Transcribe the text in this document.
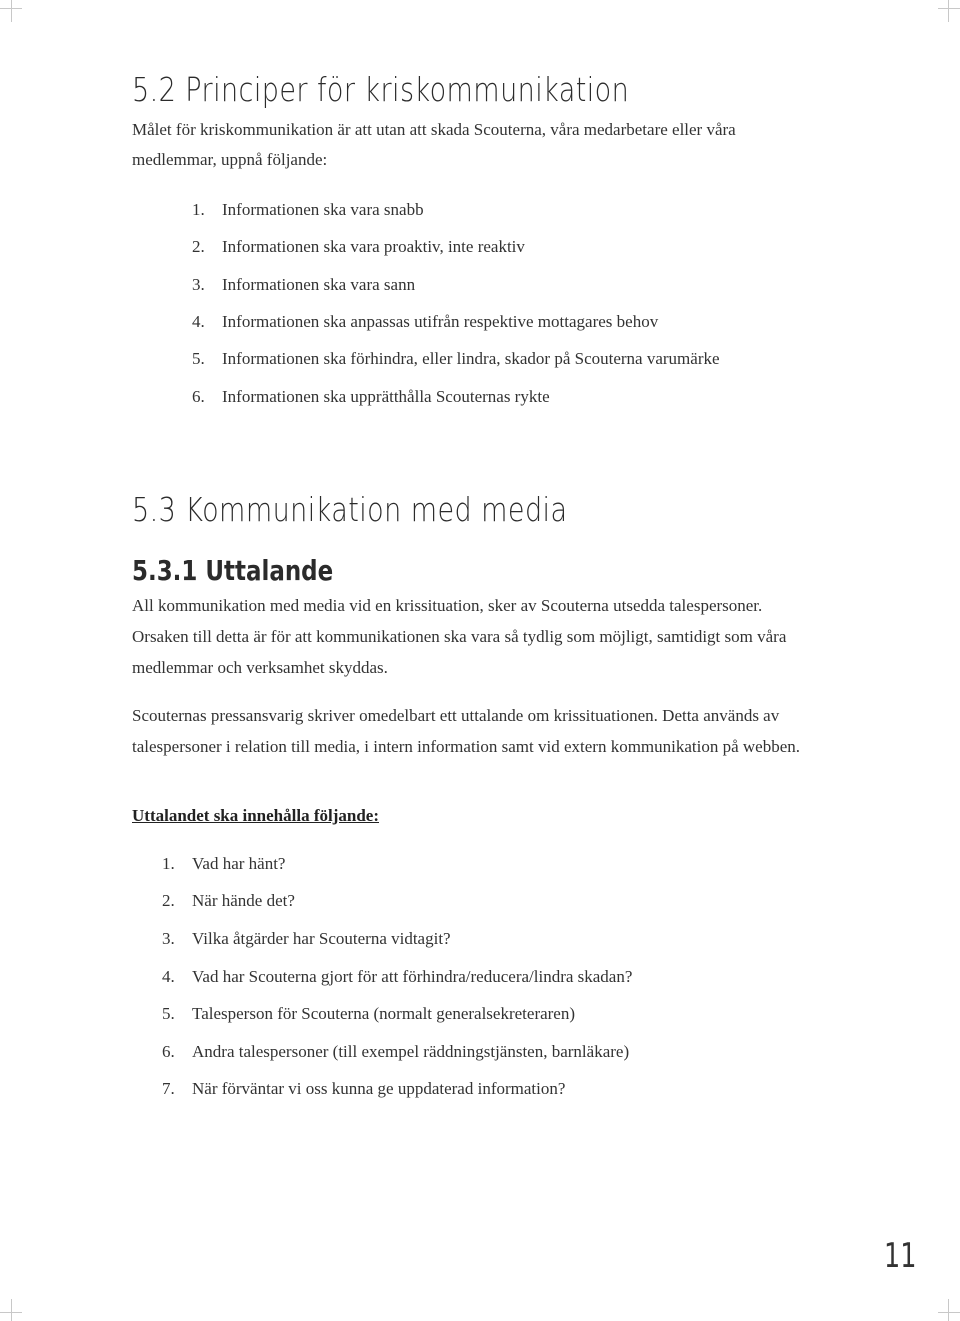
5.2 Principer för kriskommunikation

Målet för kriskommunikation är att utan att skada Scouterna, våra medarbetare eller våra

medlemmar, uppnå följande:

1. Informationen ska vara snabb

2. Informationen ska vara proaktiv, inte reaktiv

3. Informationen ska vara sann

4. Informationen ska anpassas utifrån respektive mottagares behov

5. Informationen ska förhindra, eller lindra, skador på Scouterna varumärke

6. Informationen ska upprätthålla Scouternas rykte

5.3 Kommunikation med media
5.3.1 Uttalande

All kommunikation med media vid en krissituation, sker av Scouterna utsedda talespersoner.

Orsaken till detta är för att kommunikationen ska vara så tydlig som möjligt, samtidigt som våra

medlemmar och verksamhet skyddas.

Scouternas pressansvarig skriver omedelbart ett uttalande om krissituationen. Detta används av

talespersoner i relation till media, i intern information samt vid extern kommunikation på webben.

Uttalandet ska innehålla följande:

1. Vad har hänt?

2. När hände det?

3. Vilka åtgärder har Scouterna vidtagit?

4. Vad har Scouterna gjort för att förhindra/reducera/lindra skadan?

5. Talesperson för Scouterna (normalt generalsekreteraren)

6. Andra talespersoner (till exempel räddningstjänsten, barnläkare)

7. När förväntar vi oss kunna ge uppdaterad information?

11
